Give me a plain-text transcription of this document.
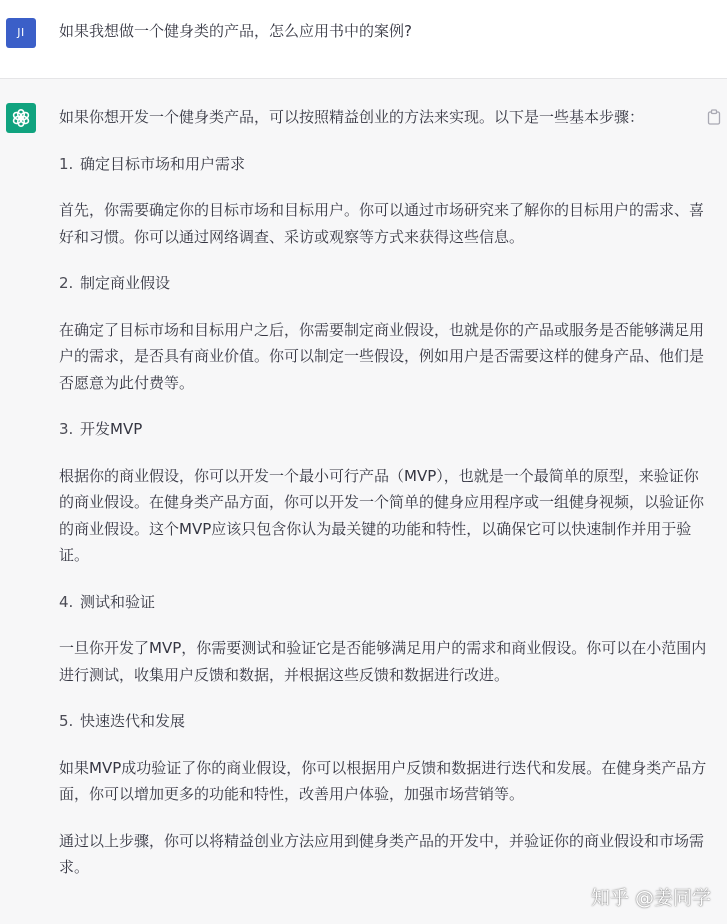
JI	如果我想做一个健身类的产品，怎么应用书中的案例?

如果你想开发一个健身类产品，可以按照精益创业的方法来实现。以下是一些基本步骤：

1. 确定目标市场和用户需求

首先，你需要确定你的目标市场和目标用户。你可以通过市场研究来了解你的目标用户的需求、喜好和习惯。你可以通过网络调查、采访或观察等方式来获得这些信息。

2. 制定商业假设

在确定了目标市场和目标用户之后，你需要制定商业假设，也就是你的产品或服务是否能够满足用户的需求，是否具有商业价值。你可以制定一些假设，例如用户是否需要这样的健身产品、他们是否愿意为此付费等。

3. 开发MVP

根据你的商业假设，你可以开发一个最小可行产品（MVP），也就是一个最简单的原型，来验证你的商业假设。在健身类产品方面，你可以开发一个简单的健身应用程序或一组健身视频，以验证你的商业假设。这个MVP应该只包含你认为最关键的功能和特性，以确保它可以快速制作并用于验证。

4. 测试和验证

一旦你开发了MVP，你需要测试和验证它是否能够满足用户的需求和商业假设。你可以在小范围内进行测试，收集用户反馈和数据，并根据这些反馈和数据进行改进。

5. 快速迭代和发展

如果MVP成功验证了你的商业假设，你可以根据用户反馈和数据进行迭代和发展。在健身类产品方面，你可以增加更多的功能和特性，改善用户体验，加强市场营销等。

通过以上步骤，你可以将精益创业方法应用到健身类产品的开发中，并验证你的商业假设和市场需求。

知乎 @姜同学
